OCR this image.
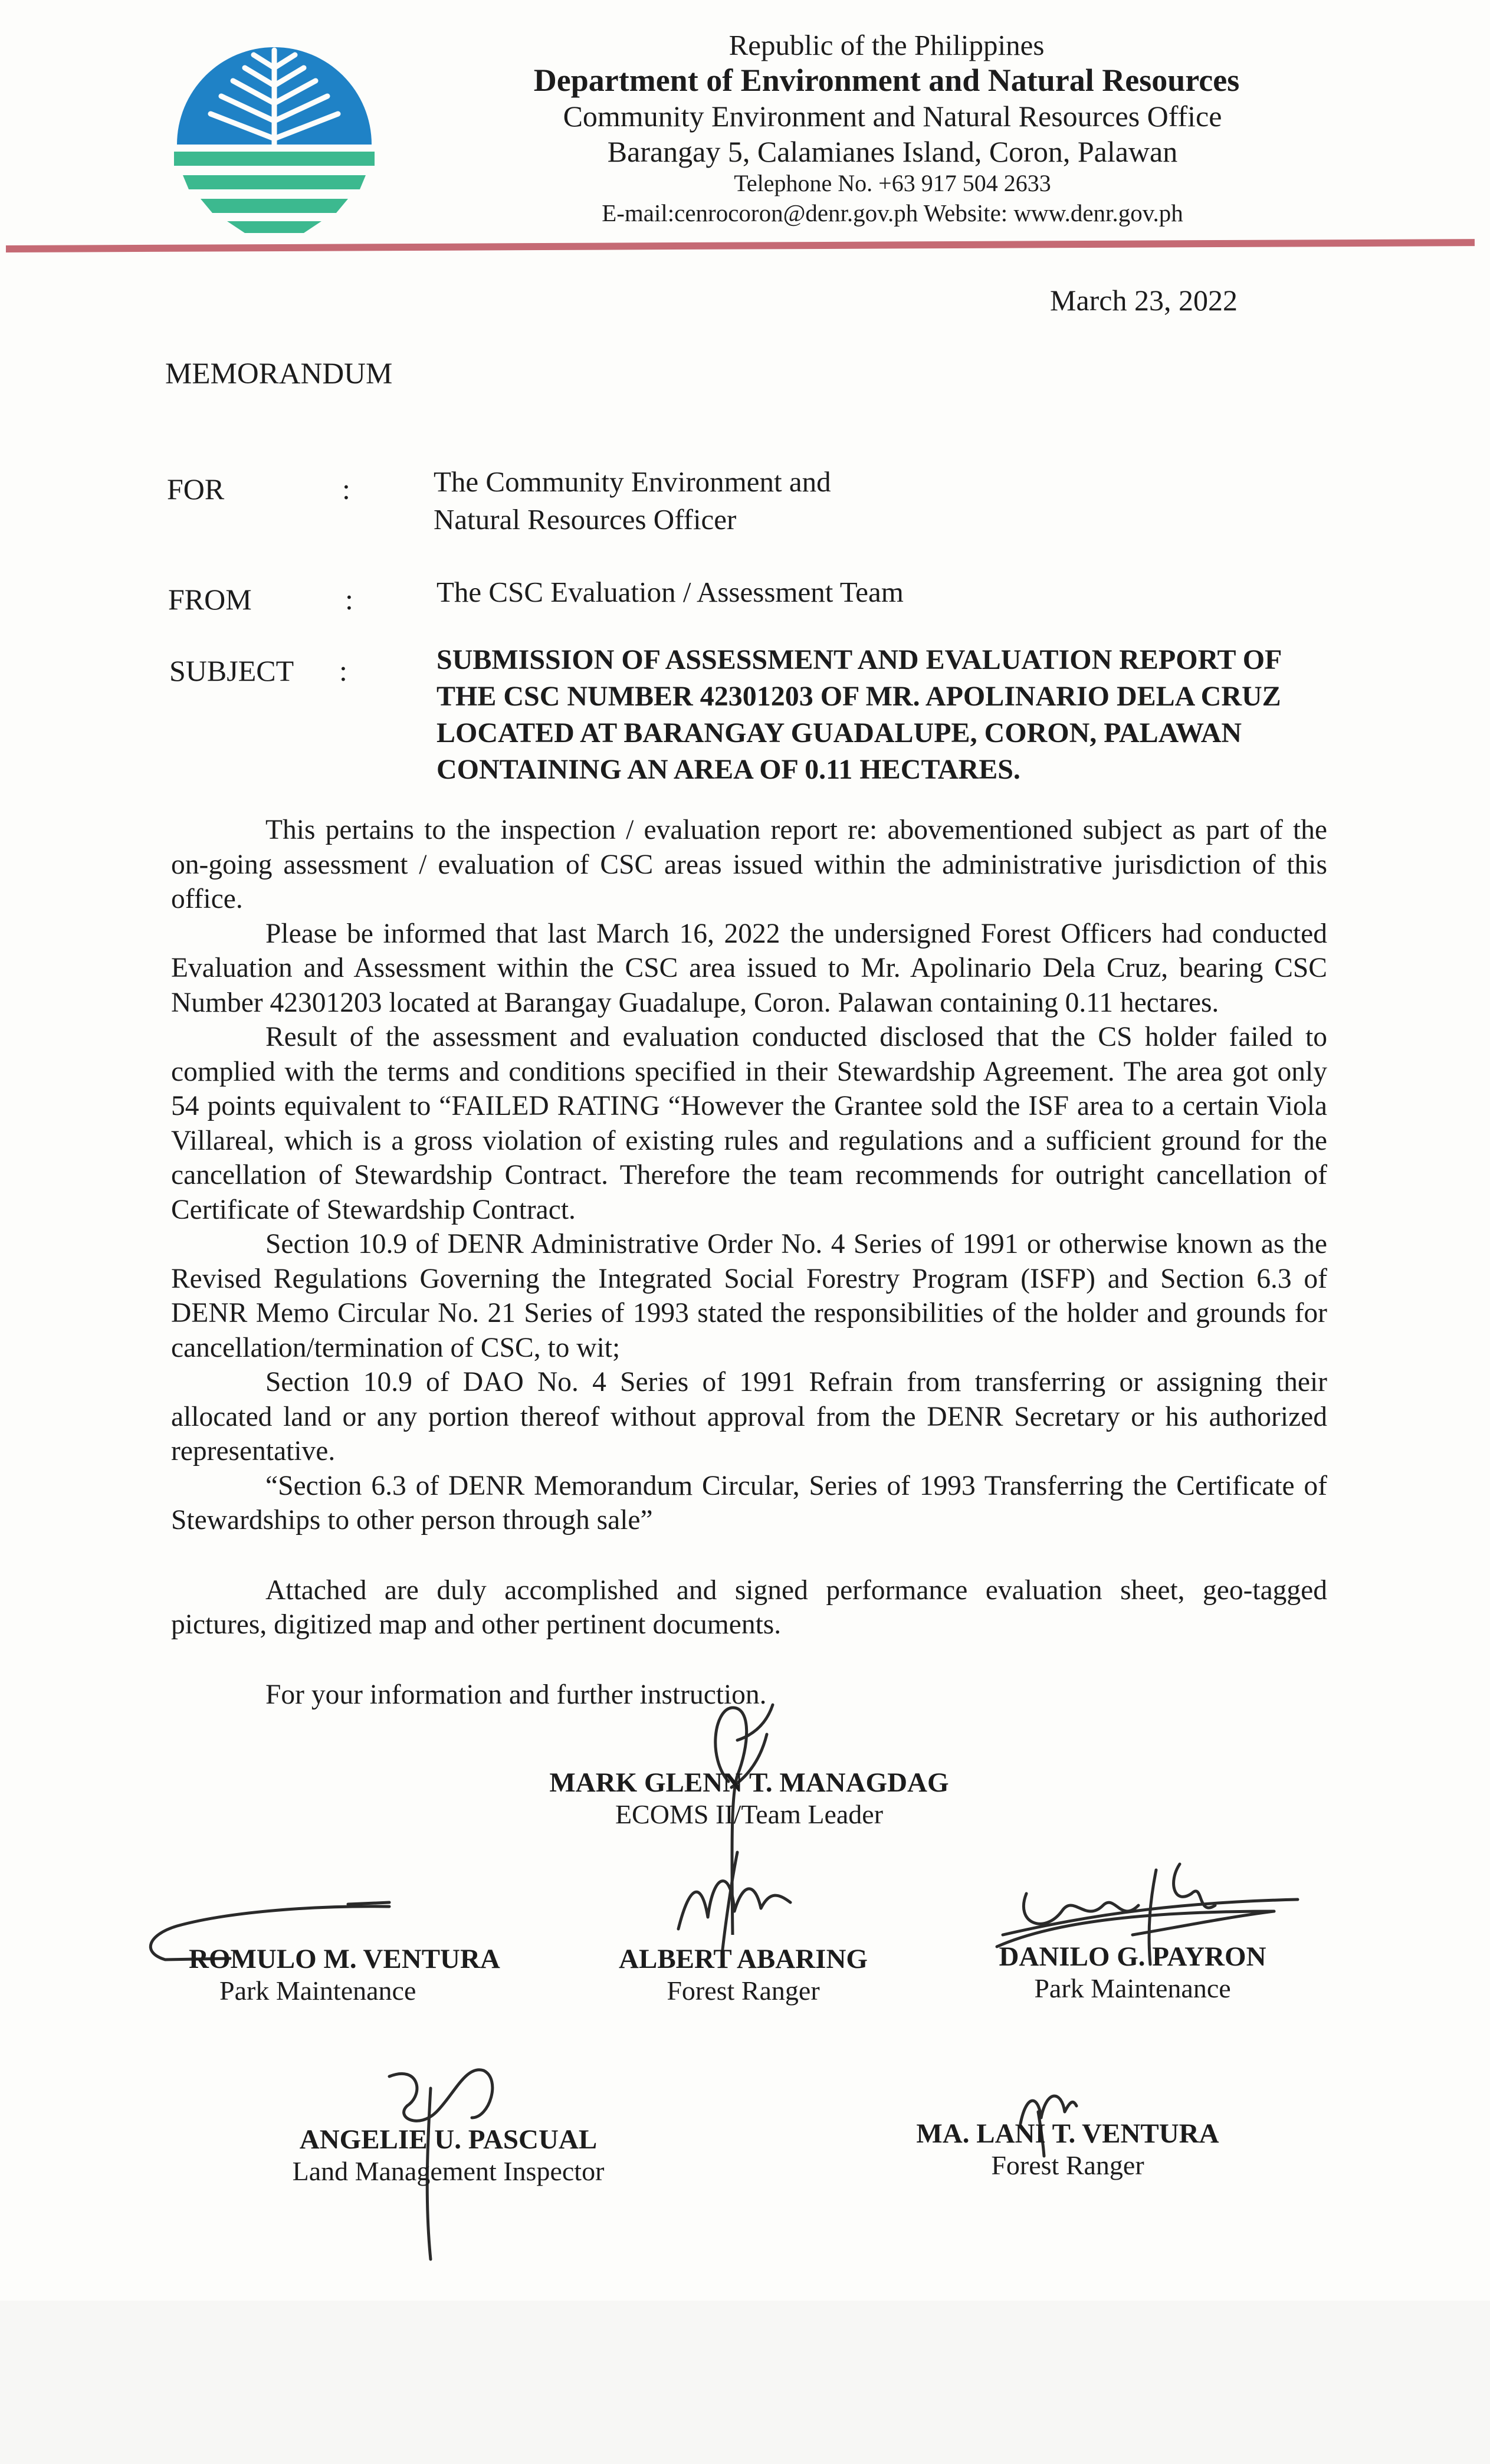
Republic of the Philippines
Department of Environment and Natural Resources
Community Environment and Natural Resources Office
Barangay 5, Calamianes Island, Coron, Palawan
Telephone No. +63 917 504 2633
E-mail:cenrocoron@denr.gov.ph Website: www.denr.gov.ph
March 23, 2022
MEMORANDUM
FOR	:	The Community Environment and
Natural Resources Officer
FROM	:	The CSC Evaluation / Assessment Team
SUBJECT :	SUBMISSION OF ASSESSMENT AND EVALUATION REPORT OF
THE CSC NUMBER 42301203 OF MR. APOLINARIO DELA CRUZ
LOCATED AT BARANGAY GUADALUPE, CORON, PALAWAN
CONTAINING AN AREA OF 0.11 HECTARES.

This pertains to the inspection / evaluation report re: abovementioned subject as part of the on-going assessment / evaluation of CSC areas issued within the administrative jurisdiction of this office.

Please be informed that last March 16, 2022 the undersigned Forest Officers had conducted Evaluation and Assessment within the CSC area issued to Mr. Apolinario Dela Cruz, bearing CSC Number 42301203 located at Barangay Guadalupe, Coron. Palawan containing 0.11 hectares.

Result of the assessment and evaluation conducted disclosed that the CS holder failed to complied with the terms and conditions specified in their Stewardship Agreement. The area got only 54 points equivalent to “FAILED RATING “However the Grantee sold the ISF area to a certain Viola Villareal, which is a gross violation of existing rules and regulations and a sufficient ground for the cancellation of Stewardship Contract. Therefore the team recommends for outright cancellation of Certificate of Stewardship Contract.

Section 10.9 of DENR Administrative Order No. 4 Series of 1991 or otherwise known as the Revised Regulations Governing the Integrated Social Forestry Program (ISFP) and Section 6.3 of DENR Memo Circular No. 21 Series of 1993 stated the responsibilities of the holder and grounds for cancellation/termination of CSC, to wit;

Section 10.9 of DAO No. 4 Series of 1991 Refrain from transferring or assigning their allocated land or any portion thereof without approval from the DENR Secretary or his authorized representative.

“Section 6.3 of DENR Memorandum Circular, Series of 1993 Transferring the Certificate of Stewardships to other person through sale”

Attached are duly accomplished and signed performance evaluation sheet, geo-tagged pictures, digitized map and other pertinent documents.

For your information and further instruction.

MARK GLENN T. MANAGDAG
ECOMS II/Team Leader
ROMULO M. VENTURA
Park Maintenance
ALBERT ABARING
Forest Ranger
DANILO G. PAYRON
Park Maintenance
ANGELIE U. PASCUAL
Land Management Inspector
MA. LANI T. VENTURA
Forest Ranger
